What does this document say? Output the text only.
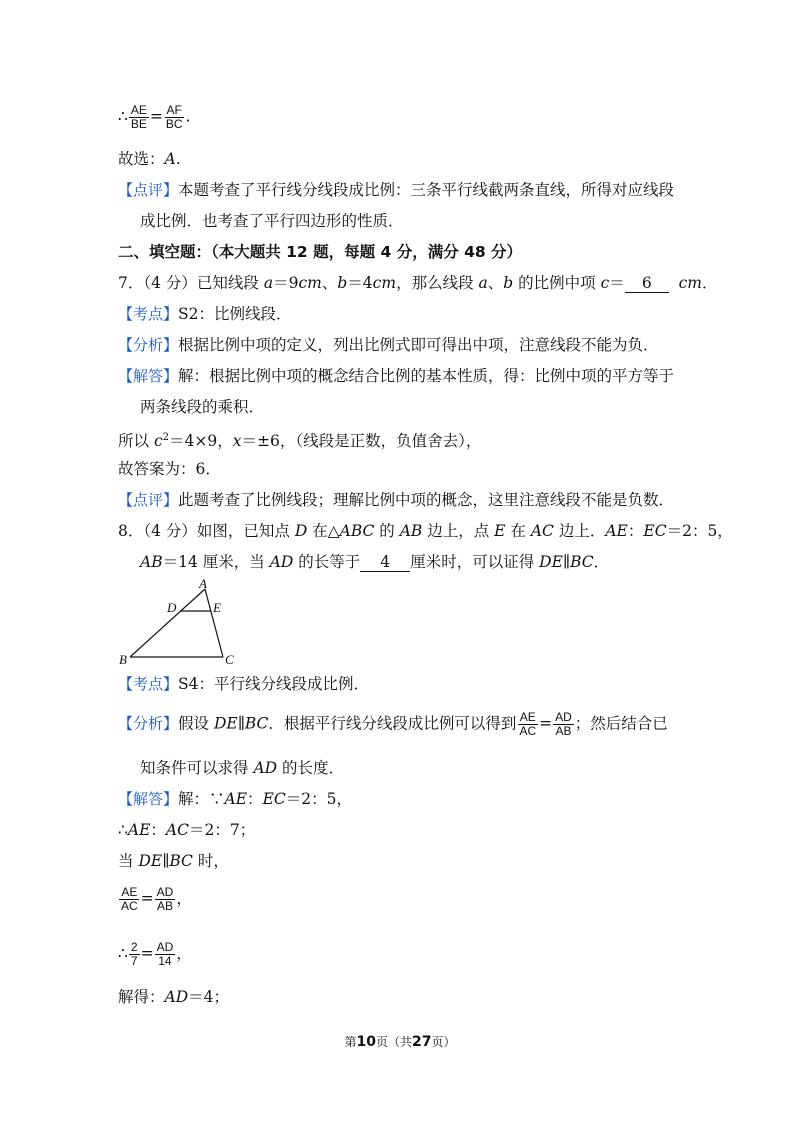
∴ $\frac{AE}{BE} = \frac{AF}{BC}$ .
故选：A.
【点评】本题考查了平行线分线段成比例：三条平行线截两条直线，所得对应线段
成比例．也考查了平行四边形的性质．
二、填空题：（本大题共 12 题，每题 4 分，满分 48 分）
7．（4 分）已知线段 a＝9cm、b＝4cm，那么线段 a、b 的比例中项 c＝ 6 cm．
【考点】S2：比例线段．
【分析】根据比例中项的定义，列出比例式即可得出中项，注意线段不能为负．
【解答】解：根据比例中项的概念结合比例的基本性质，得：比例中项的平方等于
两条线段的乘积．
所以 $c^2=4\times 9$，x＝±6，（线段是正数，负值舍去），
故答案为：6．
【点评】此题考查了比例线段；理解比例中项的概念，这里注意线段不能是负数．
8．（4 分）如图，已知点 D 在△ABC 的 AB 边上，点 E 在 AC 边上．AE：EC＝2：5，
AB＝14 厘米，当 AD 的长等于 4 厘米时，可以证得 DE∥BC．
A
B	C
D	E
【考点】S4：平行线分线段成比例．
【分析】假设 DE∥BC．根据平行线分线段成比例可以得到 $\frac{AE}{AC} = \frac{AD}{AB}$ ；然后结合已
知条件可以求得 AD 的长度．
【解答】解：∵AE：EC＝2：5，
∴AE：AC＝2：7；
当 DE∥BC 时，
$\frac{AE}{AC} = \frac{AD}{AB}$ ，
∴ $\frac{2}{7} = \frac{AD}{14}$ ，
解得：AD＝4；
第10页（共27页）
